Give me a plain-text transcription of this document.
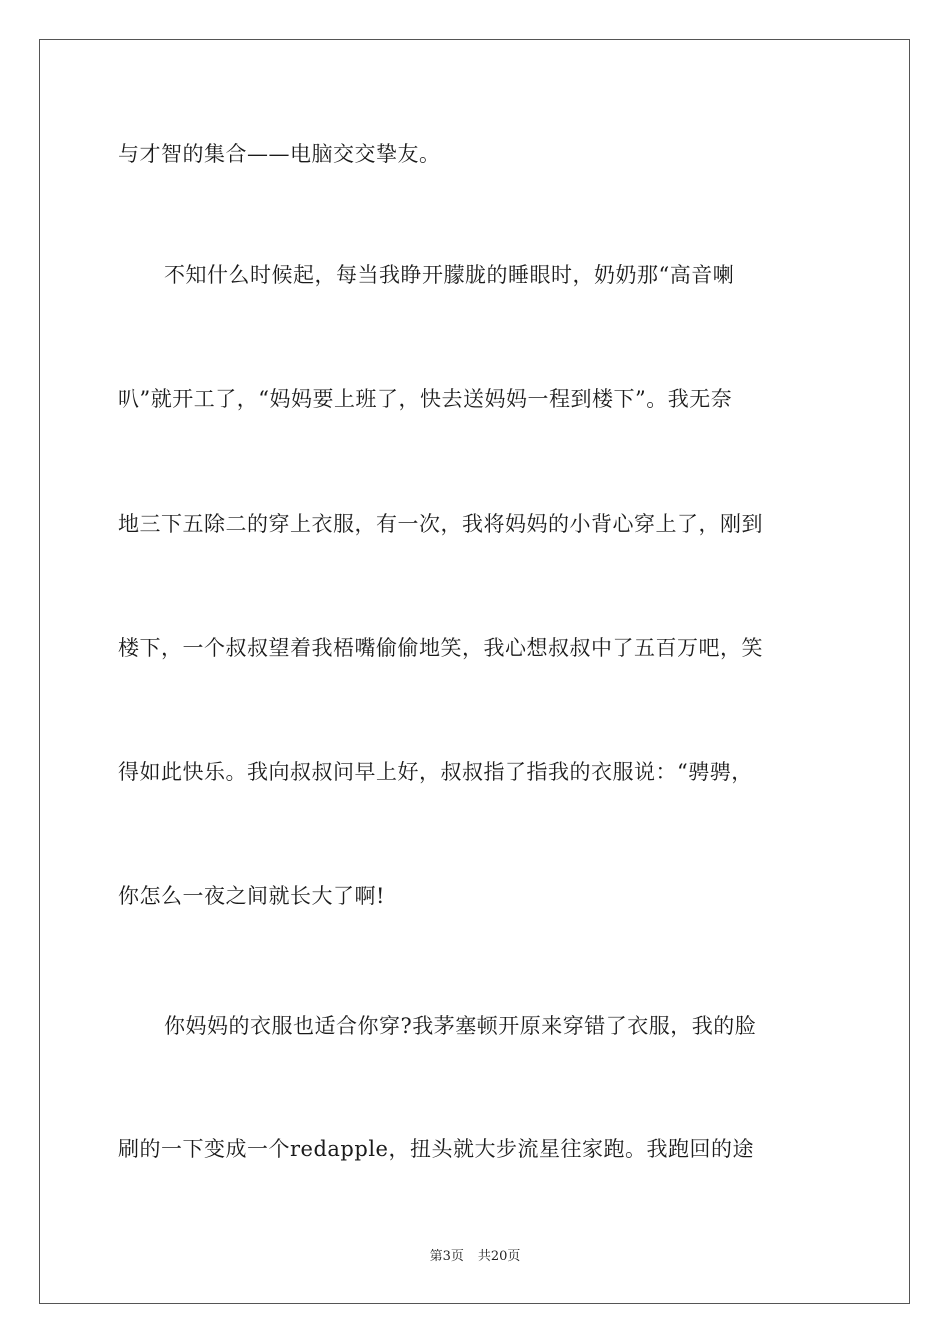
与才智的集合——电脑交交挚友。
不知什么时候起，每当我睁开朦胧的睡眼时，奶奶那“高音喇
叭”就开工了，“妈妈要上班了，快去送妈妈一程到楼下”。我无奈
地三下五除二的穿上衣服，有一次，我将妈妈的小背心穿上了，刚到
楼下，一个叔叔望着我梧嘴偷偷地笑，我心想叔叔中了五百万吧，笑
得如此快乐。我向叔叔问早上好，叔叔指了指我的衣服说：“骋骋，
你怎么一夜之间就长大了啊!
你妈妈的衣服也适合你穿?我茅塞顿开原来穿错了衣服，我的脸
刷的一下变成一个redapple，扭头就大步流星往家跑。我跑回的途
第3页 共20页
